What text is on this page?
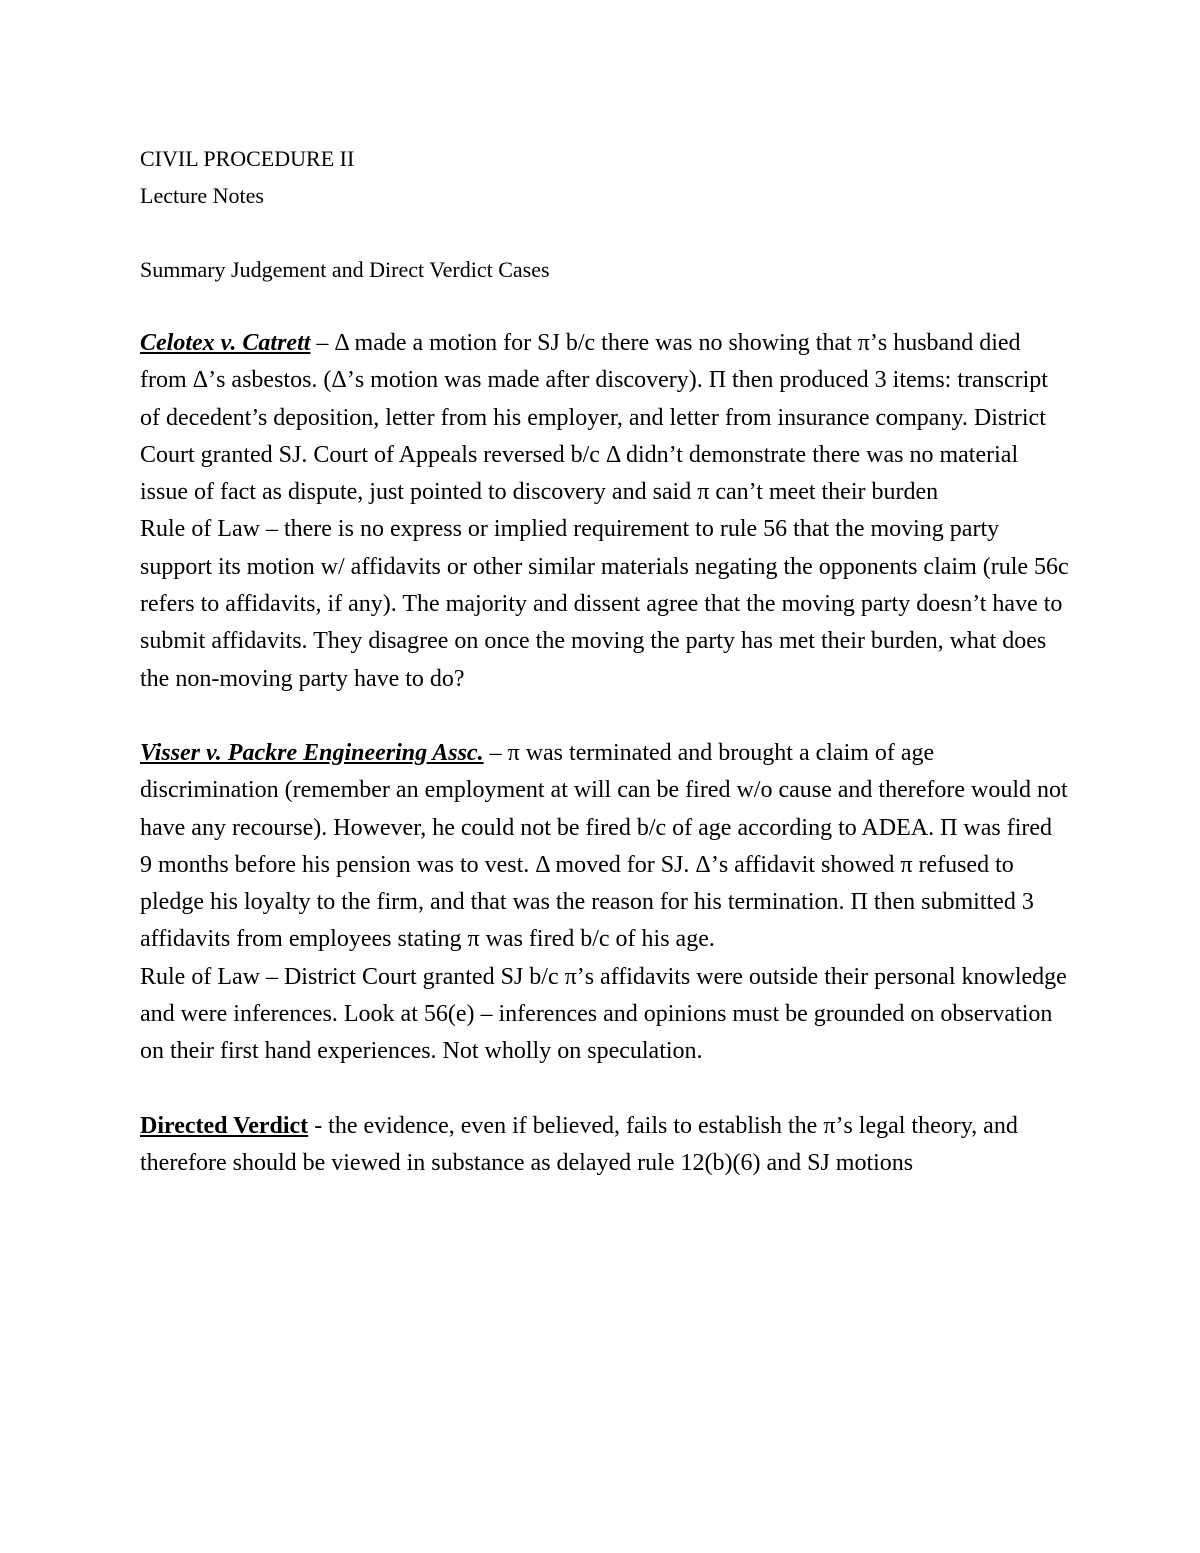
CIVIL PROCEDURE II

Lecture Notes

Summary Judgement and Direct Verdict Cases

Celotex v. Catrett – Δ made a motion for SJ b/c there was no showing that π’s husband died from Δ’s asbestos. (Δ’s motion was made after discovery). Π then produced 3 items: transcript of decedent’s deposition, letter from his employer, and letter from insurance company. District Court granted SJ. Court of Appeals reversed b/c Δ didn’t demonstrate there was no material issue of fact as dispute, just pointed to discovery and said π can’t meet their burden

Rule of Law – there is no express or implied requirement to rule 56 that the moving party support its motion w/ affidavits or other similar materials negating the opponents claim (rule 56c refers to affidavits, if any). The majority and dissent agree that the moving party doesn’t have to submit affidavits. They disagree on once the moving the party has met their burden, what does the non-moving party have to do?

Visser v. Packre Engineering Assc. – π was terminated and brought a claim of age discrimination (remember an employment at will can be fired w/o cause and therefore would not have any recourse). However, he could not be fired b/c of age according to ADEA. Π was fired 9 months before his pension was to vest. Δ moved for SJ. Δ’s affidavit showed π refused to pledge his loyalty to the firm, and that was the reason for his termination. Π then submitted 3 affidavits from employees stating π was fired b/c of his age.

Rule of Law – District Court granted SJ b/c π’s affidavits were outside their personal knowledge and were inferences. Look at 56(e) – inferences and opinions must be grounded on observation on their first hand experiences. Not wholly on speculation.

Directed Verdict - the evidence, even if believed, fails to establish the π’s legal theory, and therefore should be viewed in substance as delayed rule 12(b)(6) and SJ motions
